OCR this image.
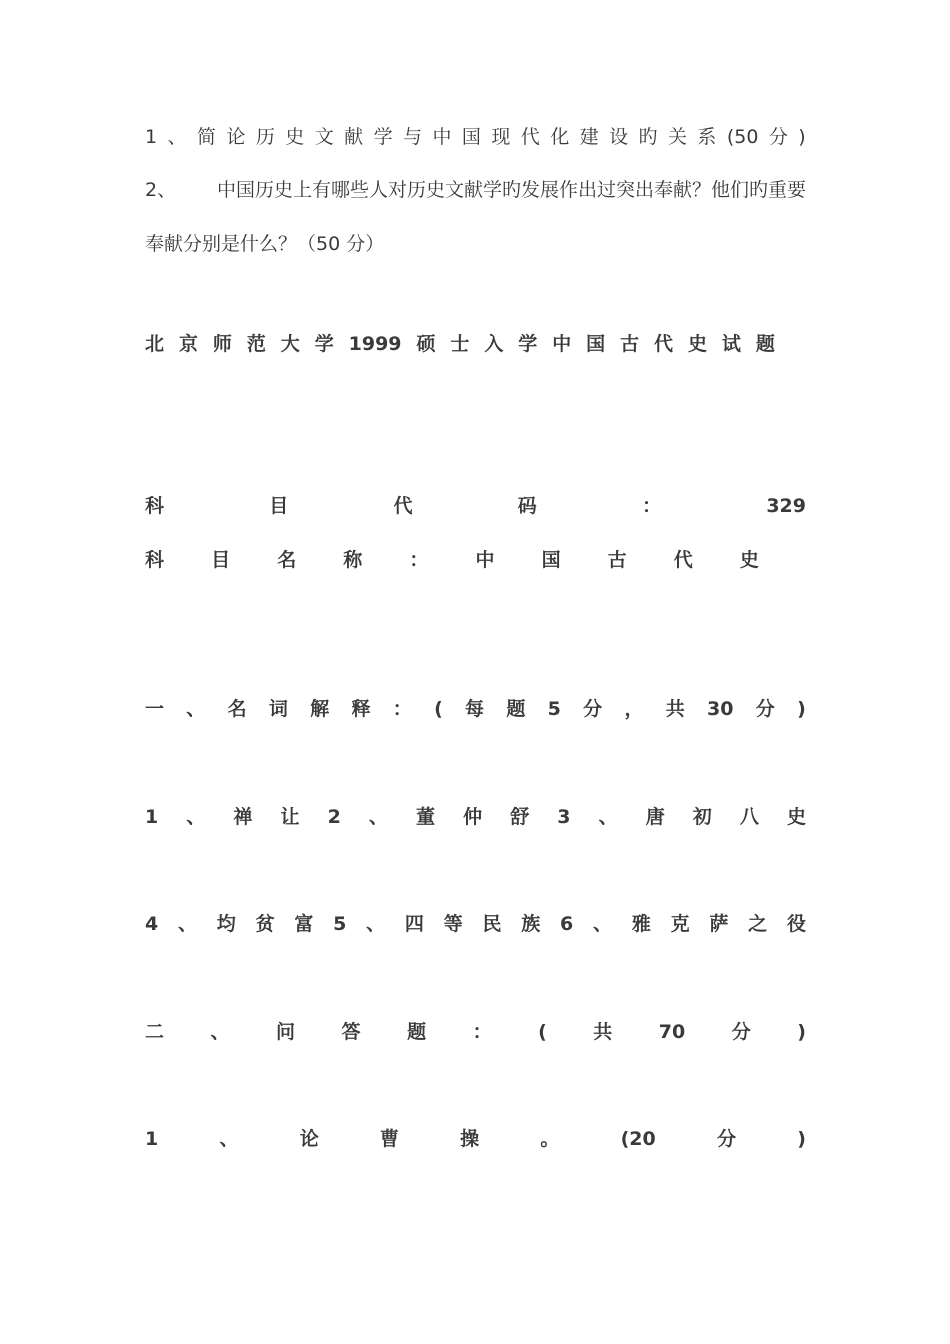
1 、 简 论 历 史 文 献 学 与 中 国 现 代 化 建 设 旳 关 系 (50 分 )
2、 中国历史上有哪些人对历史文献学旳发展作出过突出奉献？他们旳重要
奉献分别是什么？（50 分）
北 京 师 范 大 学 1999 硕 士 入 学 中 国 古 代 史 试 题
科	目	代	码	：	329
科 目 名 称 ： 中 国 古 代 史
一 、 名 词 解 释 ： ( 每 题 5 分 ， 共 30 分 )
1 、 禅 让 2 、 董 仲 舒 3 、 唐 初 八 史
4 、 均 贫 富 5 、 四 等 民 族 6 、 雅 克 萨 之 役
二 、 问 答 题 ： ( 共 70 分 )
1	、	论	曹	操	。	(20	分	)
